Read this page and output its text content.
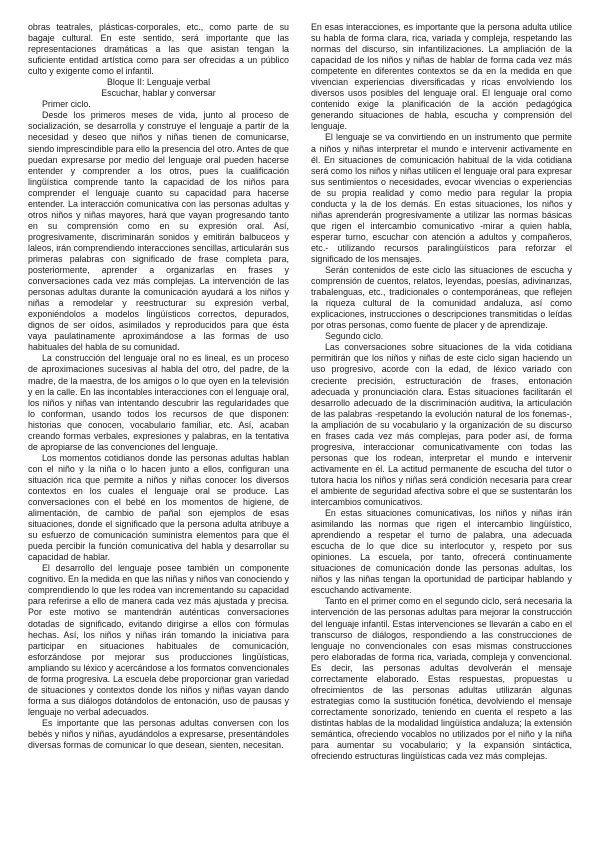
obras teatrales, plásticas-corporales, etc., como parte de su bagaje cultural. En este sentido, será importante que las representaciones dramáticas a las que asistan tengan la suficiente entidad artística como para ser ofrecidas a un público culto y exigente como el infantil.

Bloque II: Lenguaje verbal

Escuchar, hablar y conversar

Primer ciclo.

Desde los primeros meses de vida, junto al proceso de socialización, se desarrolla y construye el lenguaje a partir de la necesidad y deseo que niños y niñas tienen de comunicarse, siendo imprescindible para ello la presencia del otro. Antes de que puedan expresarse por medio del lenguaje oral pueden hacerse entender y comprender a los otros, pues la cualificación lingüística comprende tanto la capacidad de los niños para comprender el lenguaje cuanto su capacidad para hacerse entender. La interacción comunicativa con las personas adultas y otros niños y niñas mayores, hará que vayan progresando tanto en su comprensión como en su expresión oral. Así, progresivamente, discriminarán sonidos y emitirán balbuceos y laleos, irán comprendiendo interacciones sencillas, articularán sus primeras palabras con significado de frase completa para, posteriormente, aprender a organizarlas en frases y conversaciones cada vez más complejas. La intervención de las personas adultas durante la comunicación ayudará a los niños y niñas a remodelar y reestructurar su expresión verbal, exponiéndolos a modelos lingüísticos correctos, depurados, dignos de ser oídos, asimilados y reproducidos para que ésta vaya paulatinamente aproximándose a las formas de uso habituales del habla de su comunidad.

La construcción del lenguaje oral no es lineal, es un proceso de aproximaciones sucesivas al habla del otro, del padre, de la madre, de la maestra, de los amigos o lo que oyen en la televisión y en la calle. En las incontables interacciones con el lenguaje oral, los niños y niñas van intentando descubrir las regularidades que lo conforman, usando todos los recursos de que disponen: historias que conocen, vocabulario familiar, etc. Así, acaban creando formas verbales, expresiones y palabras, en la tentativa de apropiarse de las convenciones del lenguaje.

Los momentos cotidianos donde las personas adultas hablan con el niño y la niña o lo hacen junto a ellos, configuran una situación rica que permite a niños y niñas conocer los diversos contextos en los cuales el lenguaje oral se produce. Las conversaciones con el bebé en los momentos de higiene, de alimentación, de cambio de pañal son ejemplos de esas situaciones, donde el significado que la persona adulta atribuye a su esfuerzo de comunicación suministra elementos para que él pueda percibir la función comunicativa del habla y desarrollar su capacidad de hablar.

El desarrollo del lenguaje posee también un componente cognitivo. En la medida en que las niñas y niños van conociendo y comprendiendo lo que les rodea van incrementando su capacidad para referirse a ello de manera cada vez más ajustada y precisa. Por este motivo se mantendrán auténticas conversaciones dotadas de significado, evitando dirigirse a ellos con fórmulas hechas. Así, los niños y niñas irán tomando la iniciativa para participar en situaciones habituales de comunicación, esforzándose por mejorar sus producciones lingüísticas, ampliando su léxico y acercándose a los formatos convencionales de forma progresiva. La escuela debe proporcionar gran variedad de situaciones y contextos donde los niños y niñas vayan dando forma a sus diálogos dotándolos de entonación, uso de pausas y lenguaje no verbal adecuados.

Es importante que las personas adultas conversen con los bebés y niños y niñas, ayudándolos a expresarse, presentándoles diversas formas de comunicar lo que desean, sienten, necesitan.

En esas interacciones, es importante que la persona adulta utilice su habla de forma clara, rica, variada y compleja, respetando las normas del discurso, sin infantilizaciones. La ampliación de la capacidad de los niños y niñas de hablar de forma cada vez más competente en diferentes contextos se da en la medida en que vivencian experiencias diversificadas y ricas envolviendo los diversos usos posibles del lenguaje oral. El lenguaje oral como contenido exige la planificación de la acción pedagógica generando situaciones de habla, escucha y comprensión del lenguaje.

El lenguaje se va convirtiendo en un instrumento que permite a niños y niñas interpretar el mundo e intervenir activamente en él. En situaciones de comunicación habitual de la vida cotidiana será como los niños y niñas utilicen el lenguaje oral para expresar sus sentimientos o necesidades, evocar vivencias o experiencias de su propia realidad y como medio para regular la propia conducta y la de los demás. En estas situaciones, los niños y niñas aprenderán progresivamente a utilizar las normas básicas que rigen el intercambio comunicativo -mirar a quien habla, esperar turno, escuchar con atención a adultos y compañeros, etc.- utilizando recursos paralingüísticos para reforzar el significado de los mensajes.

Serán contenidos de este ciclo las situaciones de escucha y comprensión de cuentos, relatos, leyendas, poesías, adivinanzas, trabalenguas, etc., tradicionales o contemporáneas, que reflejen la riqueza cultural de la comunidad andaluza, así como explicaciones, instrucciones o descripciones transmitidas o leídas por otras personas, como fuente de placer y de aprendizaje.

Segundo ciclo.

Las conversaciones sobre situaciones de la vida cotidiana permitirán que los niños y niñas de este ciclo sigan haciendo un uso progresivo, acorde con la edad, de léxico variado con creciente precisión, estructuración de frases, entonación adecuada y pronunciación clara. Estas situaciones facilitarán el desarrollo adecuado de la discriminación auditiva, la articulación de las palabras -respetando la evolución natural de los fonemas-, la ampliación de su vocabulario y la organización de su discurso en frases cada vez más complejas, para poder así, de forma progresiva, interaccionar comunicativamente con todas las personas que los rodean, interpretar el mundo e intervenir activamente en él. La actitud permanente de escucha del tutor o tutora hacia los niños y niñas será condición necesaria para crear el ambiente de seguridad afectiva sobre el que se sustentarán los intercambios comunicativos.

En estas situaciones comunicativas, los niños y niñas irán asimilando las normas que rigen el intercambio lingüístico, aprendiendo a respetar el turno de palabra, una adecuada escucha de lo que dice su interlocutor y, respeto por sus opiniones. La escuela, por tanto, ofrecerá continuamente situaciones de comunicación donde las personas adultas, los niños y las niñas tengan la oportunidad de participar hablando y escuchando activamente.

Tanto en el primer como en el segundo ciclo, será necesaria la intervención de las personas adultas para mejorar la construcción del lenguaje infantil. Estas intervenciones se llevarán a cabo en el transcurso de diálogos, respondiendo a las construcciones de lenguaje no convencionales con esas mismas construcciones pero elaboradas de forma rica, variada, compleja y convencional. Es decir, las personas adultas devolverán el mensaje correctamente elaborado. Estas respuestas, propuestas u ofrecimientos de las personas adultas utilizarán algunas estrategias como la sustitución fonética, devolviendo el mensaje correctamente sonorizado, teniendo en cuenta el respeto a las distintas hablas de la modalidad lingüística andaluza; la extensión semántica, ofreciendo vocablos no utilizados por el niño y la niña para aumentar su vocabulario; y la expansión sintáctica, ofreciendo estructuras lingüísticas cada vez más complejas.
